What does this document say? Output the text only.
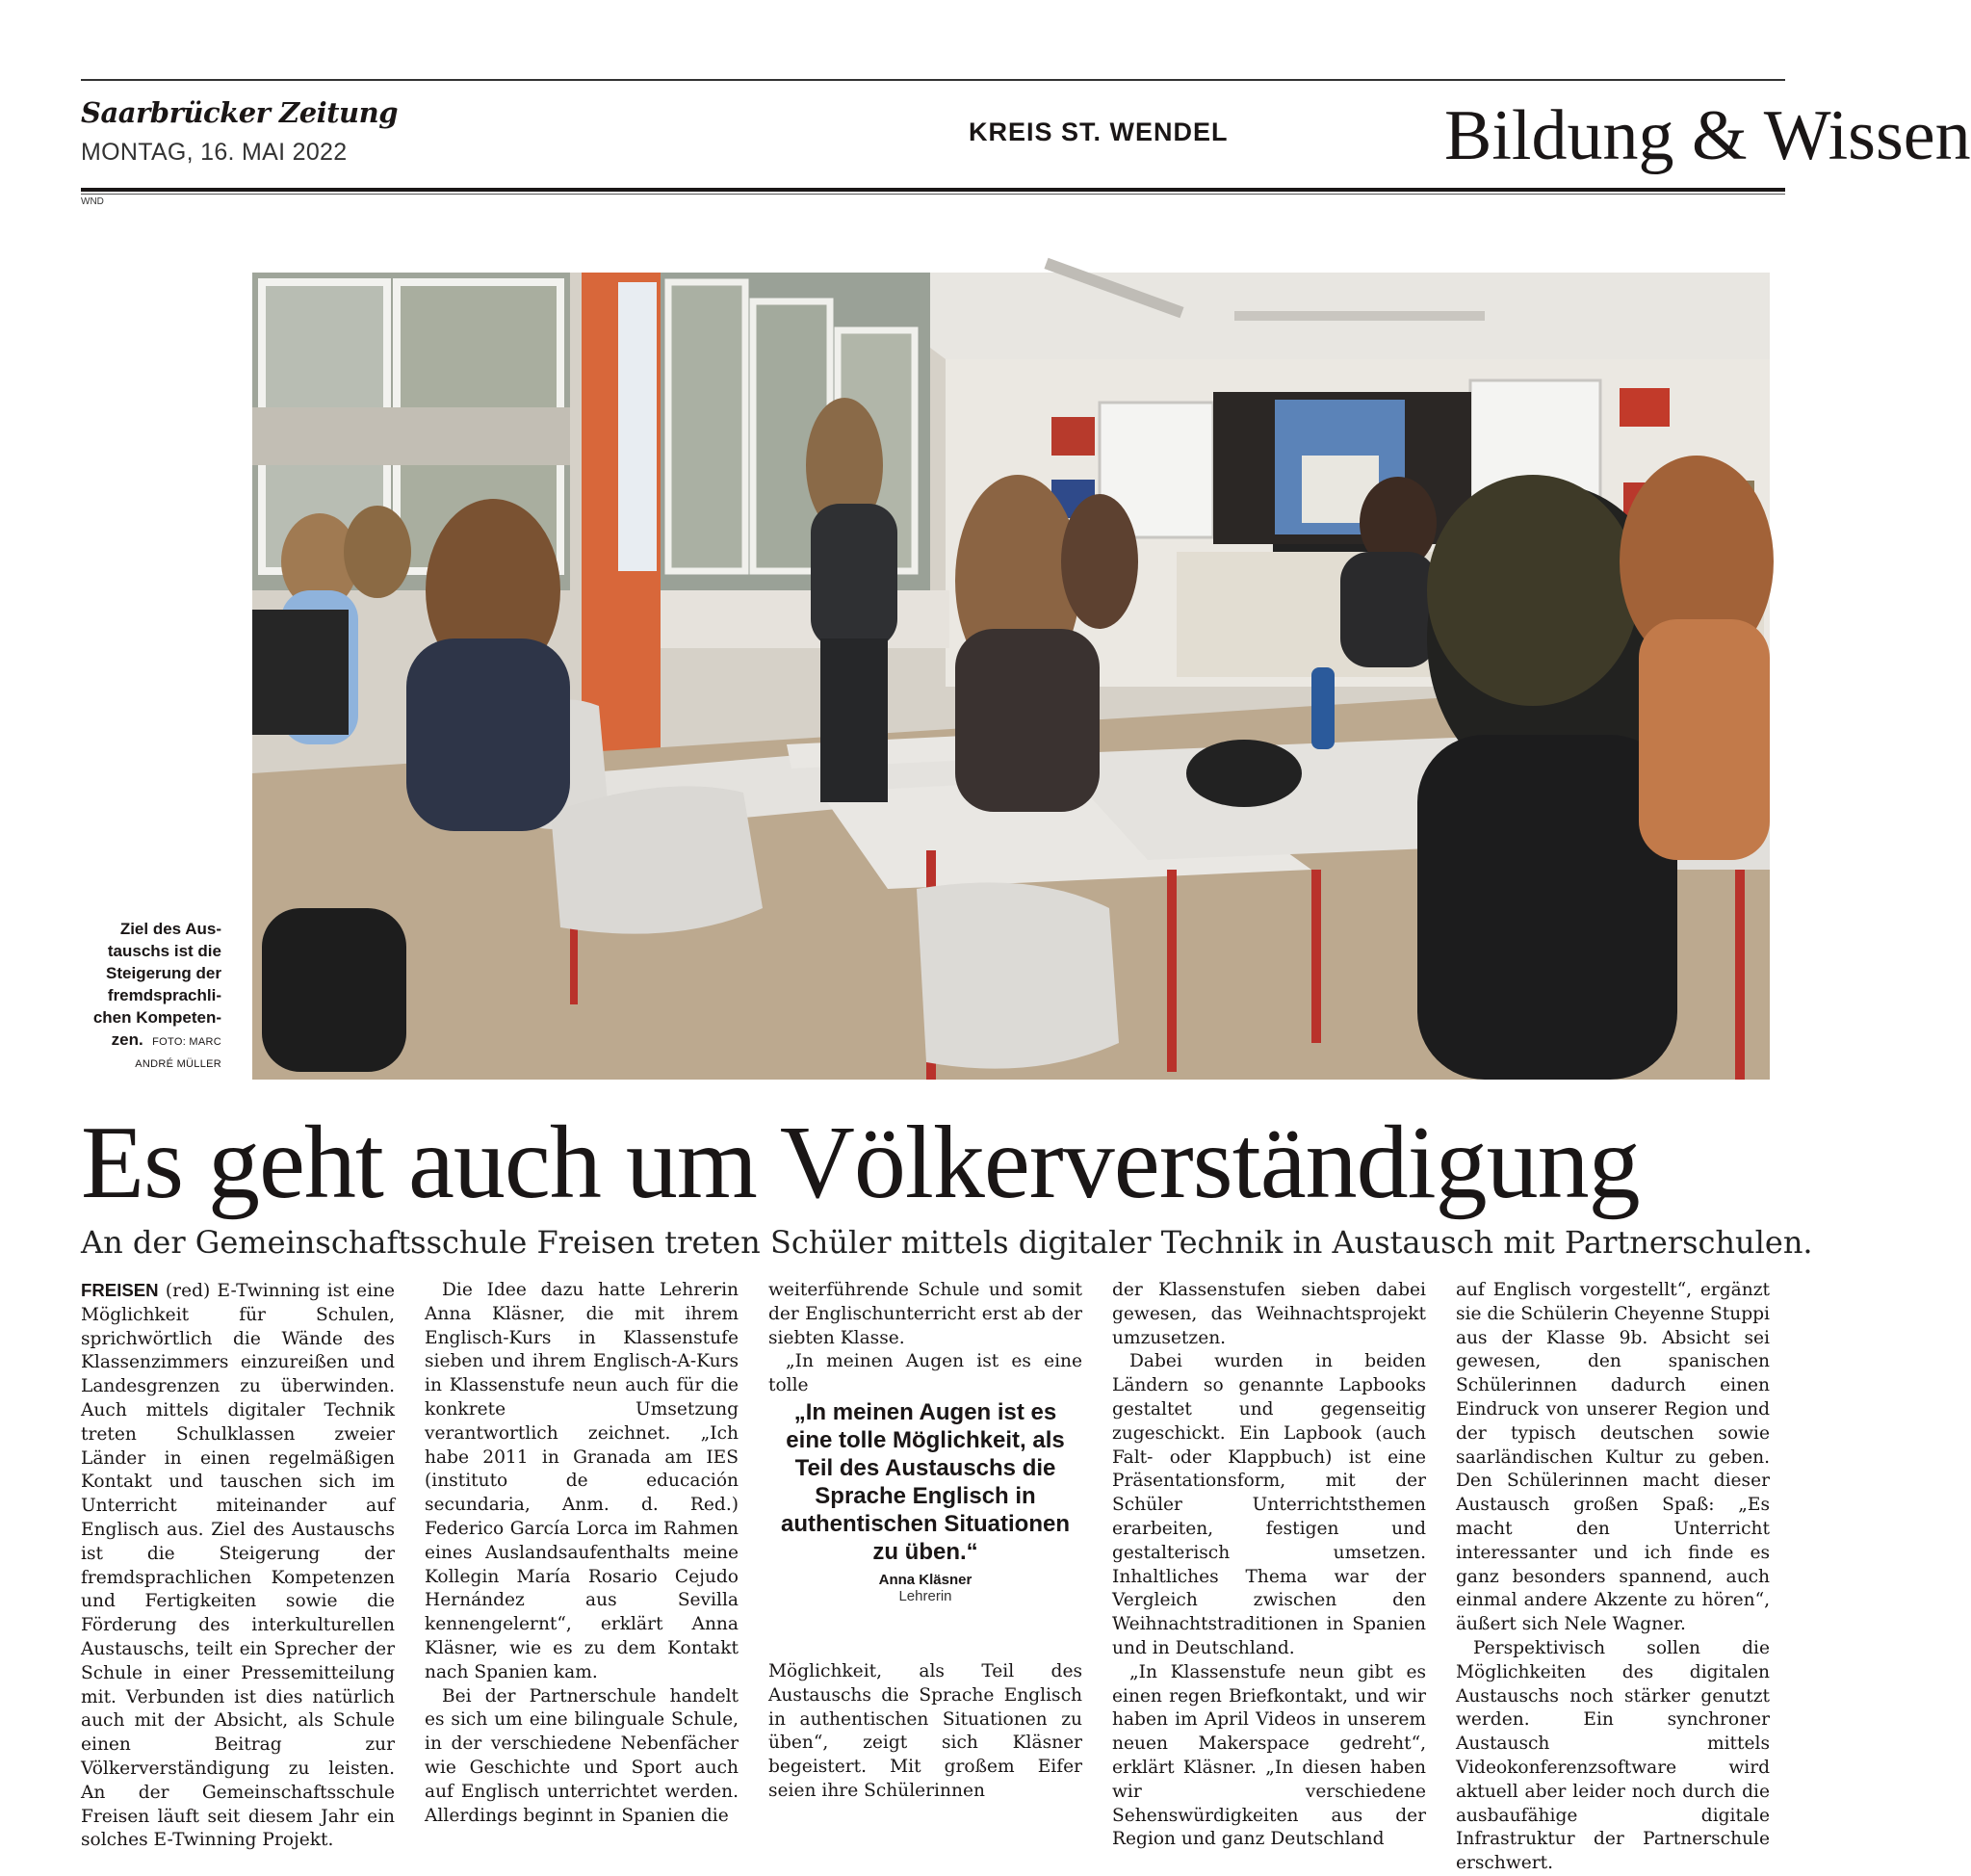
Saarbrücker Zeitung
MONTAG, 16. MAI 2022
KREIS ST. WENDEL	Bildung & Wissen
WND
Ziel des Aus-
tauschs ist die
Steigerung der
fremdsprachli-
chen Kompeten-
zen. FOTO: MARC
ANDRÉ MÜLLER
Es geht auch um Völkerverständigung
An der Gemeinschaftsschule Freisen treten Schüler mittels digitaler Technik in Austausch mit Partnerschulen.

FREISEN (red) E-Twinning ist eine Möglichkeit für Schulen, sprichwörtlich die Wände des Klassenzimmers einzureißen und Landesgrenzen zu überwinden. Auch mittels digitaler Technik treten Schulklassen zweier Länder in einen regelmäßigen Kontakt und tauschen sich im Unterricht miteinander auf Englisch aus. Ziel des Austauschs ist die Steigerung der fremdsprachlichen Kompetenzen und Fertigkeiten sowie die Förderung des interkulturellen Austauschs, teilt ein Sprecher der Schule in einer Pressemitteilung mit. Verbunden ist dies natürlich auch mit der Absicht, als Schule einen Beitrag zur Völkerverständigung zu leisten. An der Gemeinschaftsschule Freisen läuft seit diesem Jahr ein solches E-Twinning Projekt.

Die Idee dazu hatte Lehrerin Anna Kläsner, die mit ihrem Englisch-Kurs in Klassenstufe sieben und ihrem Englisch-A-Kurs in Klassenstufe neun auch für die konkrete Umsetzung verantwortlich zeichnet. „Ich habe 2011 in Granada am IES (instituto de educación secundaria, Anm. d. Red.) Federico García Lorca im Rahmen eines Auslandsaufenthalts meine Kollegin María Rosario Cejudo Hernández aus Sevilla kennengelernt“, erklärt Anna Kläsner, wie es zu dem Kontakt nach Spanien kam.

Bei der Partnerschule handelt es sich um eine bilinguale Schule, in der verschiedene Nebenfächer wie Geschichte und Sport auch auf Englisch unterrichtet werden. Allerdings beginnt in Spanien die

weiterführende Schule und somit der Englischunterricht erst ab der siebten Klasse.

„In meinen Augen ist es eine tolle

„In meinen Augen ist es eine tolle Möglichkeit, als Teil des Austauschs die Sprache Englisch in authentischen Situationen zu üben.“
Anna Kläsner
Lehrerin

Möglichkeit, als Teil des Austauschs die Sprache Englisch in authentischen Situationen zu üben“, zeigt sich Kläsner begeistert. Mit großem Eifer seien ihre Schülerinnen

der Klassenstufen sieben dabei gewesen, das Weihnachtsprojekt umzusetzen.

Dabei wurden in beiden Ländern so genannte Lapbooks gestaltet und gegenseitig zugeschickt. Ein Lapbook (auch Falt- oder Klappbuch) ist eine Präsentationsform, mit der Schüler Unterrichtsthemen erarbeiten, festigen und gestalterisch umsetzen. Inhaltliches Thema war der Vergleich zwischen den Weihnachtstraditionen in Spanien und in Deutschland.

„In Klassenstufe neun gibt es einen regen Briefkontakt, und wir haben im April Videos in unserem neuen Makerspace gedreht“, erklärt Kläsner. „In diesen haben wir verschiedene Sehenswürdigkeiten aus der Region und ganz Deutschland

auf Englisch vorgestellt“, ergänzt sie die Schülerin Cheyenne Stuppi aus der Klasse 9b. Absicht sei gewesen, den spanischen Schülerinnen dadurch einen Eindruck von unserer Region und der typisch deutschen sowie saarländischen Kultur zu geben. Den Schülerinnen macht dieser Austausch großen Spaß: „Es macht den Unterricht interessanter und ich finde es ganz besonders spannend, auch einmal andere Akzente zu hören“, äußert sich Nele Wagner.

Perspektivisch sollen die Möglichkeiten des digitalen Austauschs noch stärker genutzt werden. Ein synchroner Austausch mittels Videokonferenzsoftware wird aktuell aber leider noch durch die ausbaufähige digitale Infrastruktur der Partnerschule erschwert.
